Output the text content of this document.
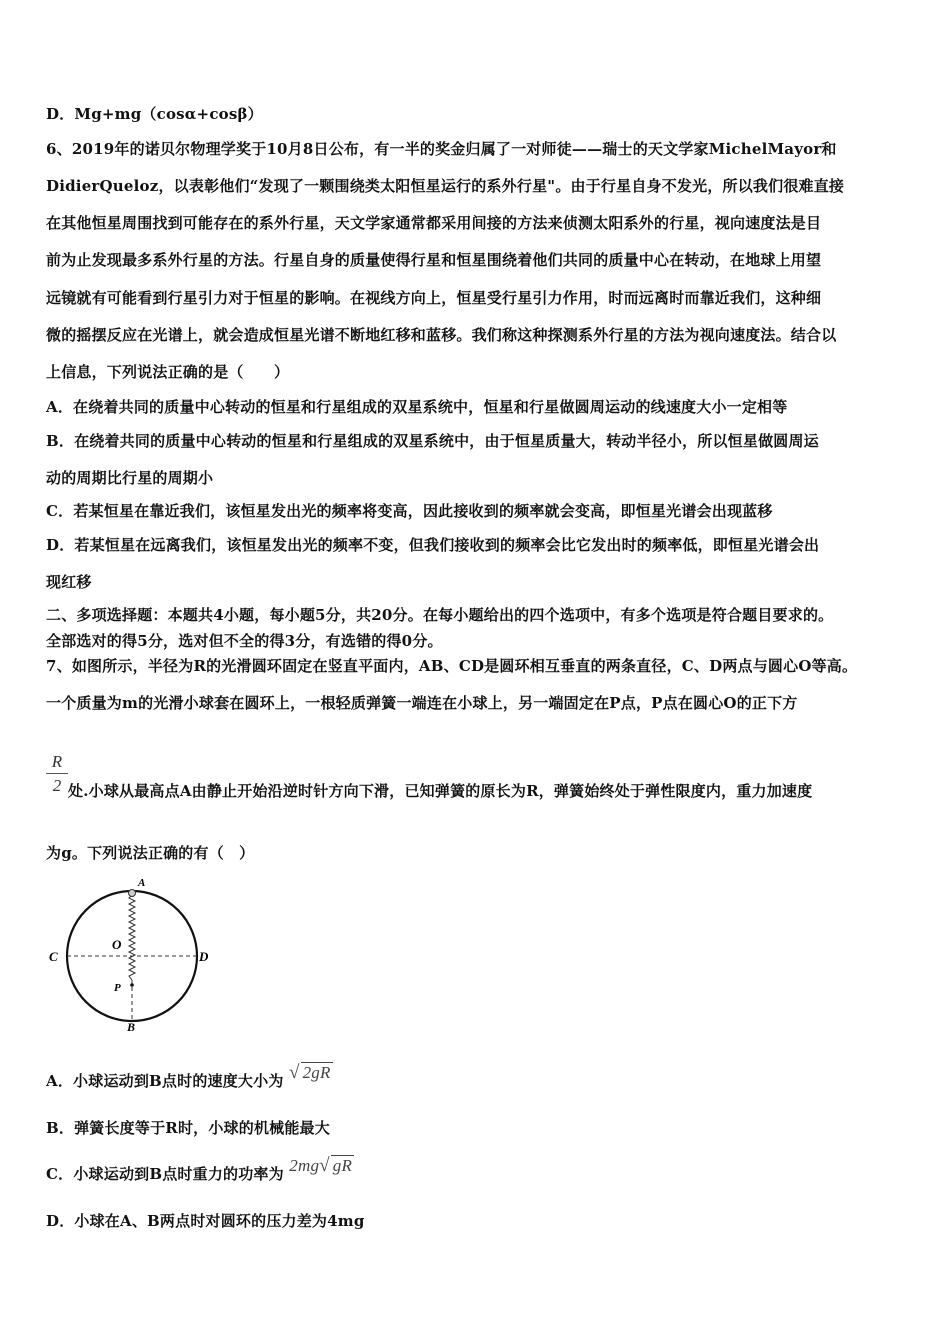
D．Mg+mg（cosα+cosβ）
6、2019年的诺贝尔物理学奖于10月8日公布，有一半的奖金归属了一对师徒——瑞士的天文学家MichelMayor和
DidierQueloz，以表彰他们“发现了一颗围绕类太阳恒星运行的系外行星"。由于行星自身不发光，所以我们很难直接
在其他恒星周围找到可能存在的系外行星，天文学家通常都采用间接的方法来侦测太阳系外的行星，视向速度法是目
前为止发现最多系外行星的方法。行星自身的质量使得行星和恒星围绕着他们共同的质量中心在转动，在地球上用望
远镜就有可能看到行星引力对于恒星的影响。在视线方向上，恒星受行星引力作用，时而远离时而靠近我们，这种细
微的摇摆反应在光谱上，就会造成恒星光谱不断地红移和蓝移。我们称这种探测系外行星的方法为视向速度法。结合以
上信息，下列说法正确的是（　　）
A．在绕着共同的质量中心转动的恒星和行星组成的双星系统中，恒星和行星做圆周运动的线速度大小一定相等
B．在绕着共同的质量中心转动的恒星和行星组成的双星系统中，由于恒星质量大，转动半径小，所以恒星做圆周运
动的周期比行星的周期小
C．若某恒星在靠近我们，该恒星发出光的频率将变高，因此接收到的频率就会变高，即恒星光谱会出现蓝移
D．若某恒星在远离我们，该恒星发出光的频率不变，但我们接收到的频率会比它发出时的频率低，即恒星光谱会出
现红移
二、多项选择题：本题共4小题，每小题5分，共20分。在每小题给出的四个选项中，有多个选项是符合题目要求的。
全部选对的得5分，选对但不全的得3分，有选错的得0分。
7、如图所示，半径为R的光滑圆环固定在竖直平面内，AB、CD是圆环相互垂直的两条直径，C、D两点与圆心O等高。
一个质量为m的光滑小球套在圆环上，一根轻质弹簧一端连在小球上，另一端固定在P点，P点在圆心O的正下方
R
2 处.小球从最高点A由静止开始沿逆时针方向下滑，已知弹簧的原长为R，弹簧始终处于弹性限度内，重力加速度
为g。下列说法正确的有（　）
A
C	D
O
P
B
A．小球运动到B点时的速度大小为 √ 2gR
B．弹簧长度等于R时，小球的机械能最大
C．小球运动到B点时重力的功率为 2mg√ gR
D．小球在A、B两点时对圆环的压力差为4mg
